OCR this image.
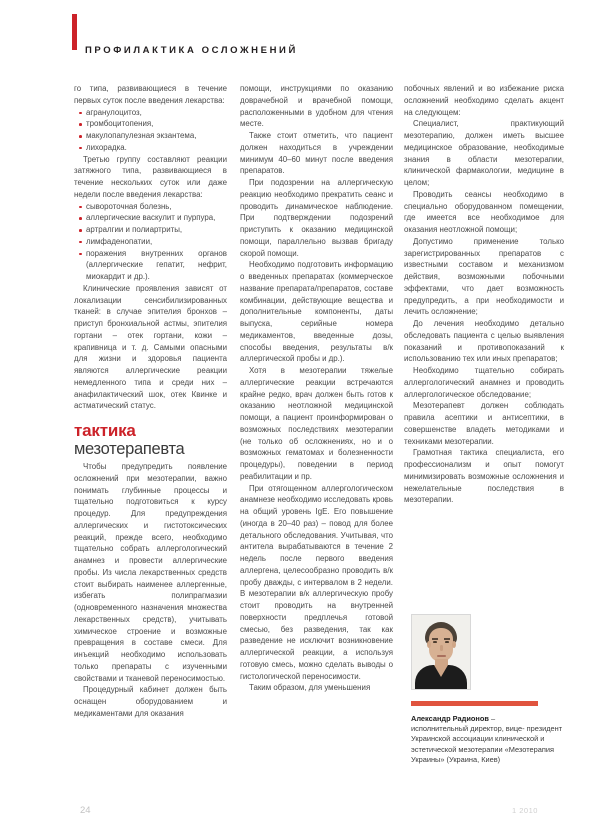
ПРОФИЛАКТИКА ОСЛОЖНЕНИЙ

го типа, развивающиеся в течение первых суток после введения лекарства:

агранулоцитоз,
тромбоцитопения,
макулопапулезная экзантема,
лихорадка.

Третью группу составляют реакции затяжного типа, развивающиеся в течение нескольких суток или даже недели после введения лекарства:

сывороточная болезнь,
аллергические васкулит и пурпура,
артралгии и полиартриты,
лимфаденопатии,
поражения внутренних органов (аллергические гепатит, нефрит, миокардит и др.).

Клинические проявления зависят от локализации сенсибилизированных тканей: в случае эпителия бронхов – приступ бронхиальной астмы, эпителия гортани – отек гортани, кожи – крапивница и т. д. Самыми опасными для жизни и здоровья пациента являются аллергические реакции немедленного типа и среди них – анафилактический шок, отек Квинке и астматический статус.

тактика
мезотерапевта

Чтобы предупредить появление осложнений при мезотерапии, важно понимать глубинные процессы и тщательно подготовиться к курсу процедур. Для предупреждения аллергических и гистотоксических реакций, прежде всего, необходимо тщательно собрать аллергологический анамнез и провести аллергические пробы. Из числа лекарственных средств стоит выбирать наименее аллергенные, избегать полипрагмазии (одновременного назначения множества лекарственных средств), учитывать химическое строение и возможные превращения в составе смеси. Для инъекций необходимо использовать только препараты с изученными свойствами и тканевой переносимостью.

Процедурный кабинет должен быть оснащен оборудованием и медикаментами для оказания

помощи, инструкциями по оказанию доврачебной и врачебной помощи, расположенными в удобном для чтения месте.

Также стоит отметить, что пациент должен находиться в учреждении минимум 40–60 минут после введения препаратов.

При подозрении на аллергическую реакцию необходимо прекратить сеанс и проводить динамическое наблюдение. При подтверждении подозрений приступить к оказанию медицинской помощи, параллельно вызвав бригаду скорой помощи.

Необходимо подготовить информацию о введенных препаратах (коммерческое название препарата/препаратов, составе комбинации, действующие вещества и дополнительные компоненты, даты выпуска, серийные номера медикаментов, введенные дозы, способы введения, результаты в/к аллергической пробы и др.).

Хотя в мезотерапии тяжелые аллергические реакции встречаются крайне редко, врач должен быть готов к оказанию неотложной медицинской помощи, а пациент проинформирован о возможных последствиях мезотерапии (не только об осложнениях, но и о возможных гематомах и болезненности процедуры), поведении в период реабилитации и пр.

При отягощенном аллергологическом анамнезе необходимо исследовать кровь на общий уровень IgE. Его повышение (иногда в 20–40 раз) – повод для более детального обследования. Учитывая, что антитела вырабатываются в течение 2 недель после первого введения аллергена, целесообразно проводить в/к пробу дважды, с интервалом в 2 недели. В мезотерапии в/к аллергическую пробу стоит проводить на внутренней поверхности предплечья готовой смесью, без разведения, так как разведение не исключит возникновение аллергической реакции, а используя готовую смесь, можно сделать выводы о гистологической переносимости.

Таким образом, для уменьшения

побочных явлений и во избежание риска осложнений необходимо сделать акцент на следующем:

Специалист, практикующий мезотерапию, должен иметь высшее медицинское образование, необходимые знания в области мезотерапии, клинической фармакологии, медицине в целом;

Проводить сеансы необходимо в специально оборудованном помещении, где имеется все необходимое для оказания неотложной помощи;

Допустимо применение только зарегистрированных препаратов с известными составом и механизмом действия, возможными побочными эффектами, что дает возможность предупредить, а при необходимости и лечить осложнение;

До лечения необходимо детально обследовать пациента с целью выявления показаний и противопоказаний к использованию тех или иных препаратов;

Необходимо тщательно собирать аллергологический анамнез и проводить аллергологическое обследование;

Мезотерапевт должен соблюдать правила асептики и антисептики, в совершенстве владеть методиками и техниками мезотерапии.

Грамотная тактика специалиста, его профессионализм и опыт помогут минимизировать возможные осложнения и нежелательные последствия в мезотерапии.

Александр Радионов –
исполнительный директор, вице- президент Украинской ассоциации клинической и эстетической мезотерапии «Мезотерапия Украины» (Украина, Киев)
24	1 2010
